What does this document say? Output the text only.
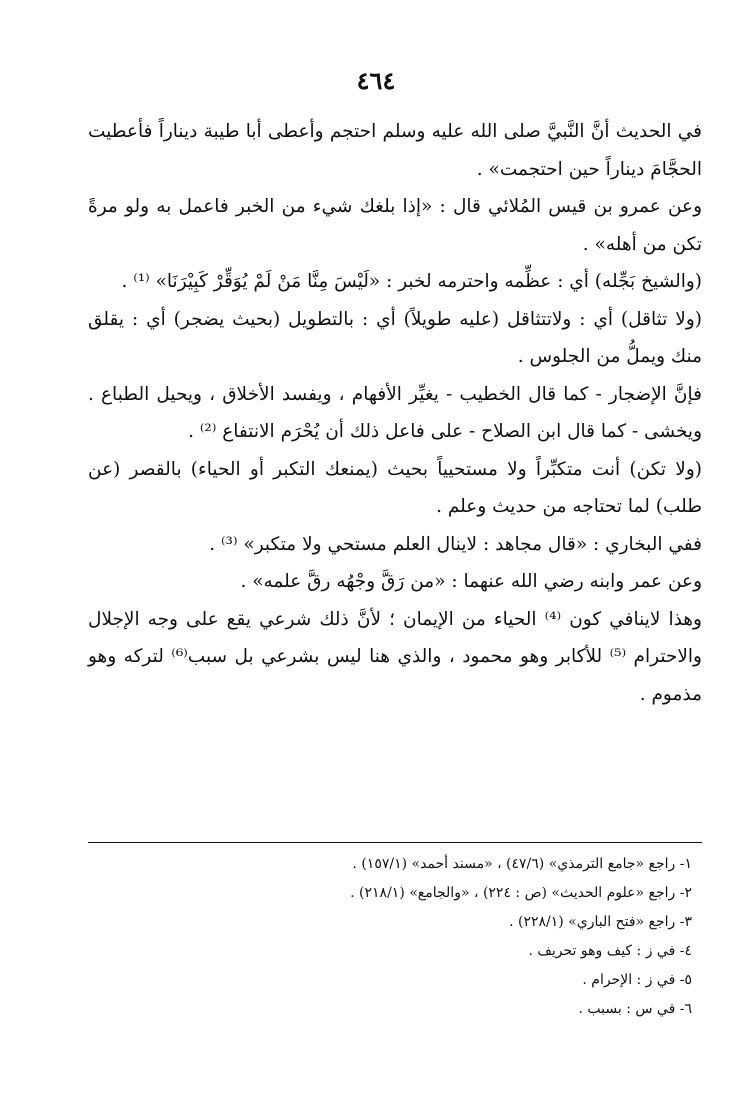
٤٦٤

في الحديث أنَّ النَّبيَّ صلى الله عليه وسلم احتجم وأعطى أبا طيبة ديناراً فأعطيت الحجَّامَ ديناراً حين احتجمت» .

وعن عمرو بن قيس المُلائي قال : «إذا بلغك شيء من الخبر فاعمل به ولو مرةً تكن من أهله» .

(والشيخ بَجِّله) أي : عظِّمه واحترمه لخبر : «لَيْسَ مِنَّا مَنْ لَمْ يُوَقِّرْ كَبِيْرَنَا» ⁽¹⁾ .

(ولا تثاقل) أي : ولاتتثاقل (عليه طويلاً) أي : بالتطويل (بحيث يضجر) أي : يقلق منك ويملُّ من الجلوس .

فإنَّ الإضجار - كما قال الخطيب - يغيِّر الأفهام ، ويفسد الأخلاق ، ويحيل الطباع . ويخشى - كما قال ابن الصلاح - على فاعل ذلك أن يُحْرَم الانتفاع ⁽²⁾ .

(ولا تكن) أنت متكبِّراً ولا مستحيياً بحيث (يمنعك التكبر أو الحياء) بالقصر (عن طلب) لما تحتاجه من حديث وعلم .

ففي البخاري : «قال مجاهد : لاينال العلم مستحي ولا متكبر» ⁽³⁾ .

وعن عمر وابنه رضي الله عنهما : «من رَقَّ وجْهُه رقَّ علمه» .

وهذا لاينافي كون ⁽⁴⁾ الحياء من الإيمان ؛ لأنَّ ذلك شرعي يقع على وجه الإجلال والاحترام ⁽⁵⁾ للأكابر وهو محمود ، والذي هنا ليس بشرعي بل سبب⁽⁶⁾ لتركه وهو مذموم .

١- راجع «جامع الترمذي» (٤٧/٦) ، «مسند أحمد» (١٥٧/١) .

٢- راجع «علوم الحديث» (ص : ٢٢٤) ، «والجامع» (٢١٨/١) .

٣- راجع «فتح الباري» (٢٢٨/١) .

٤- في ز : كيف وهو تحريف .

٥- في ز : الإحرام .

٦- في س : بسبب .
